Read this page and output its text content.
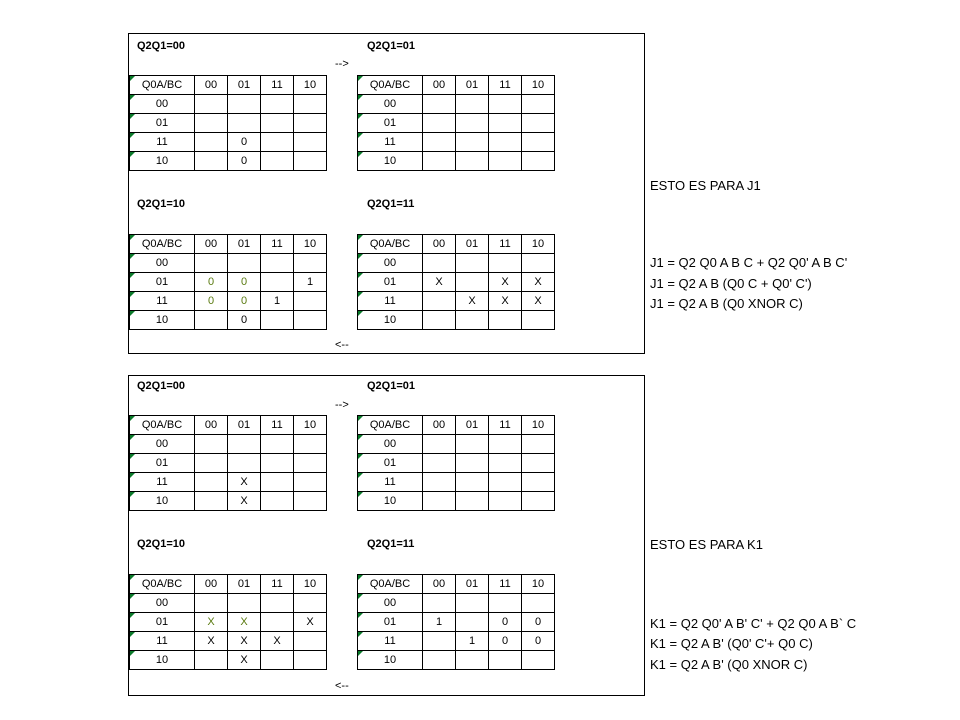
Q2Q1=00	Q2Q1=01
-->
Q0A/BC	00	01	11	10
00				
01				
11		0		
10		0		
Q0A/BC	00	01	11	10
00				
01				
11				
10				
Q2Q1=10	Q2Q1=11
Q0A/BC	00	01	11	10
00				
01	0	0		1
11	0	0	1	
10		0		
Q0A/BC	00	01	11	10
00				
01	X		X	X
11		X	X	X
10				
<--
Q2Q1=00	Q2Q1=01
-->
Q0A/BC	00	01	11	10
00				
01				
11		X		
10		X		
Q0A/BC	00	01	11	10
00				
01				
11				
10				
Q2Q1=10	Q2Q1=11
Q0A/BC	00	01	11	10
00				
01	X	X		X
11	X	X	X	
10		X		
Q0A/BC	00	01	11	10
00				
01	1		0	0
11		1	0	0
10				
<--
ESTO ES PARA J1
J1 = Q2 Q0 A B C + Q2 Q0' A B C'
J1 = Q2 A B (Q0 C + Q0' C')
J1 = Q2 A B (Q0 XNOR C)
ESTO ES PARA K1
K1 = Q2 Q0' A B' C' + Q2 Q0 A B` C
K1 = Q2 A B' (Q0' C'+ Q0 C)
K1 = Q2 A B' (Q0 XNOR C)
